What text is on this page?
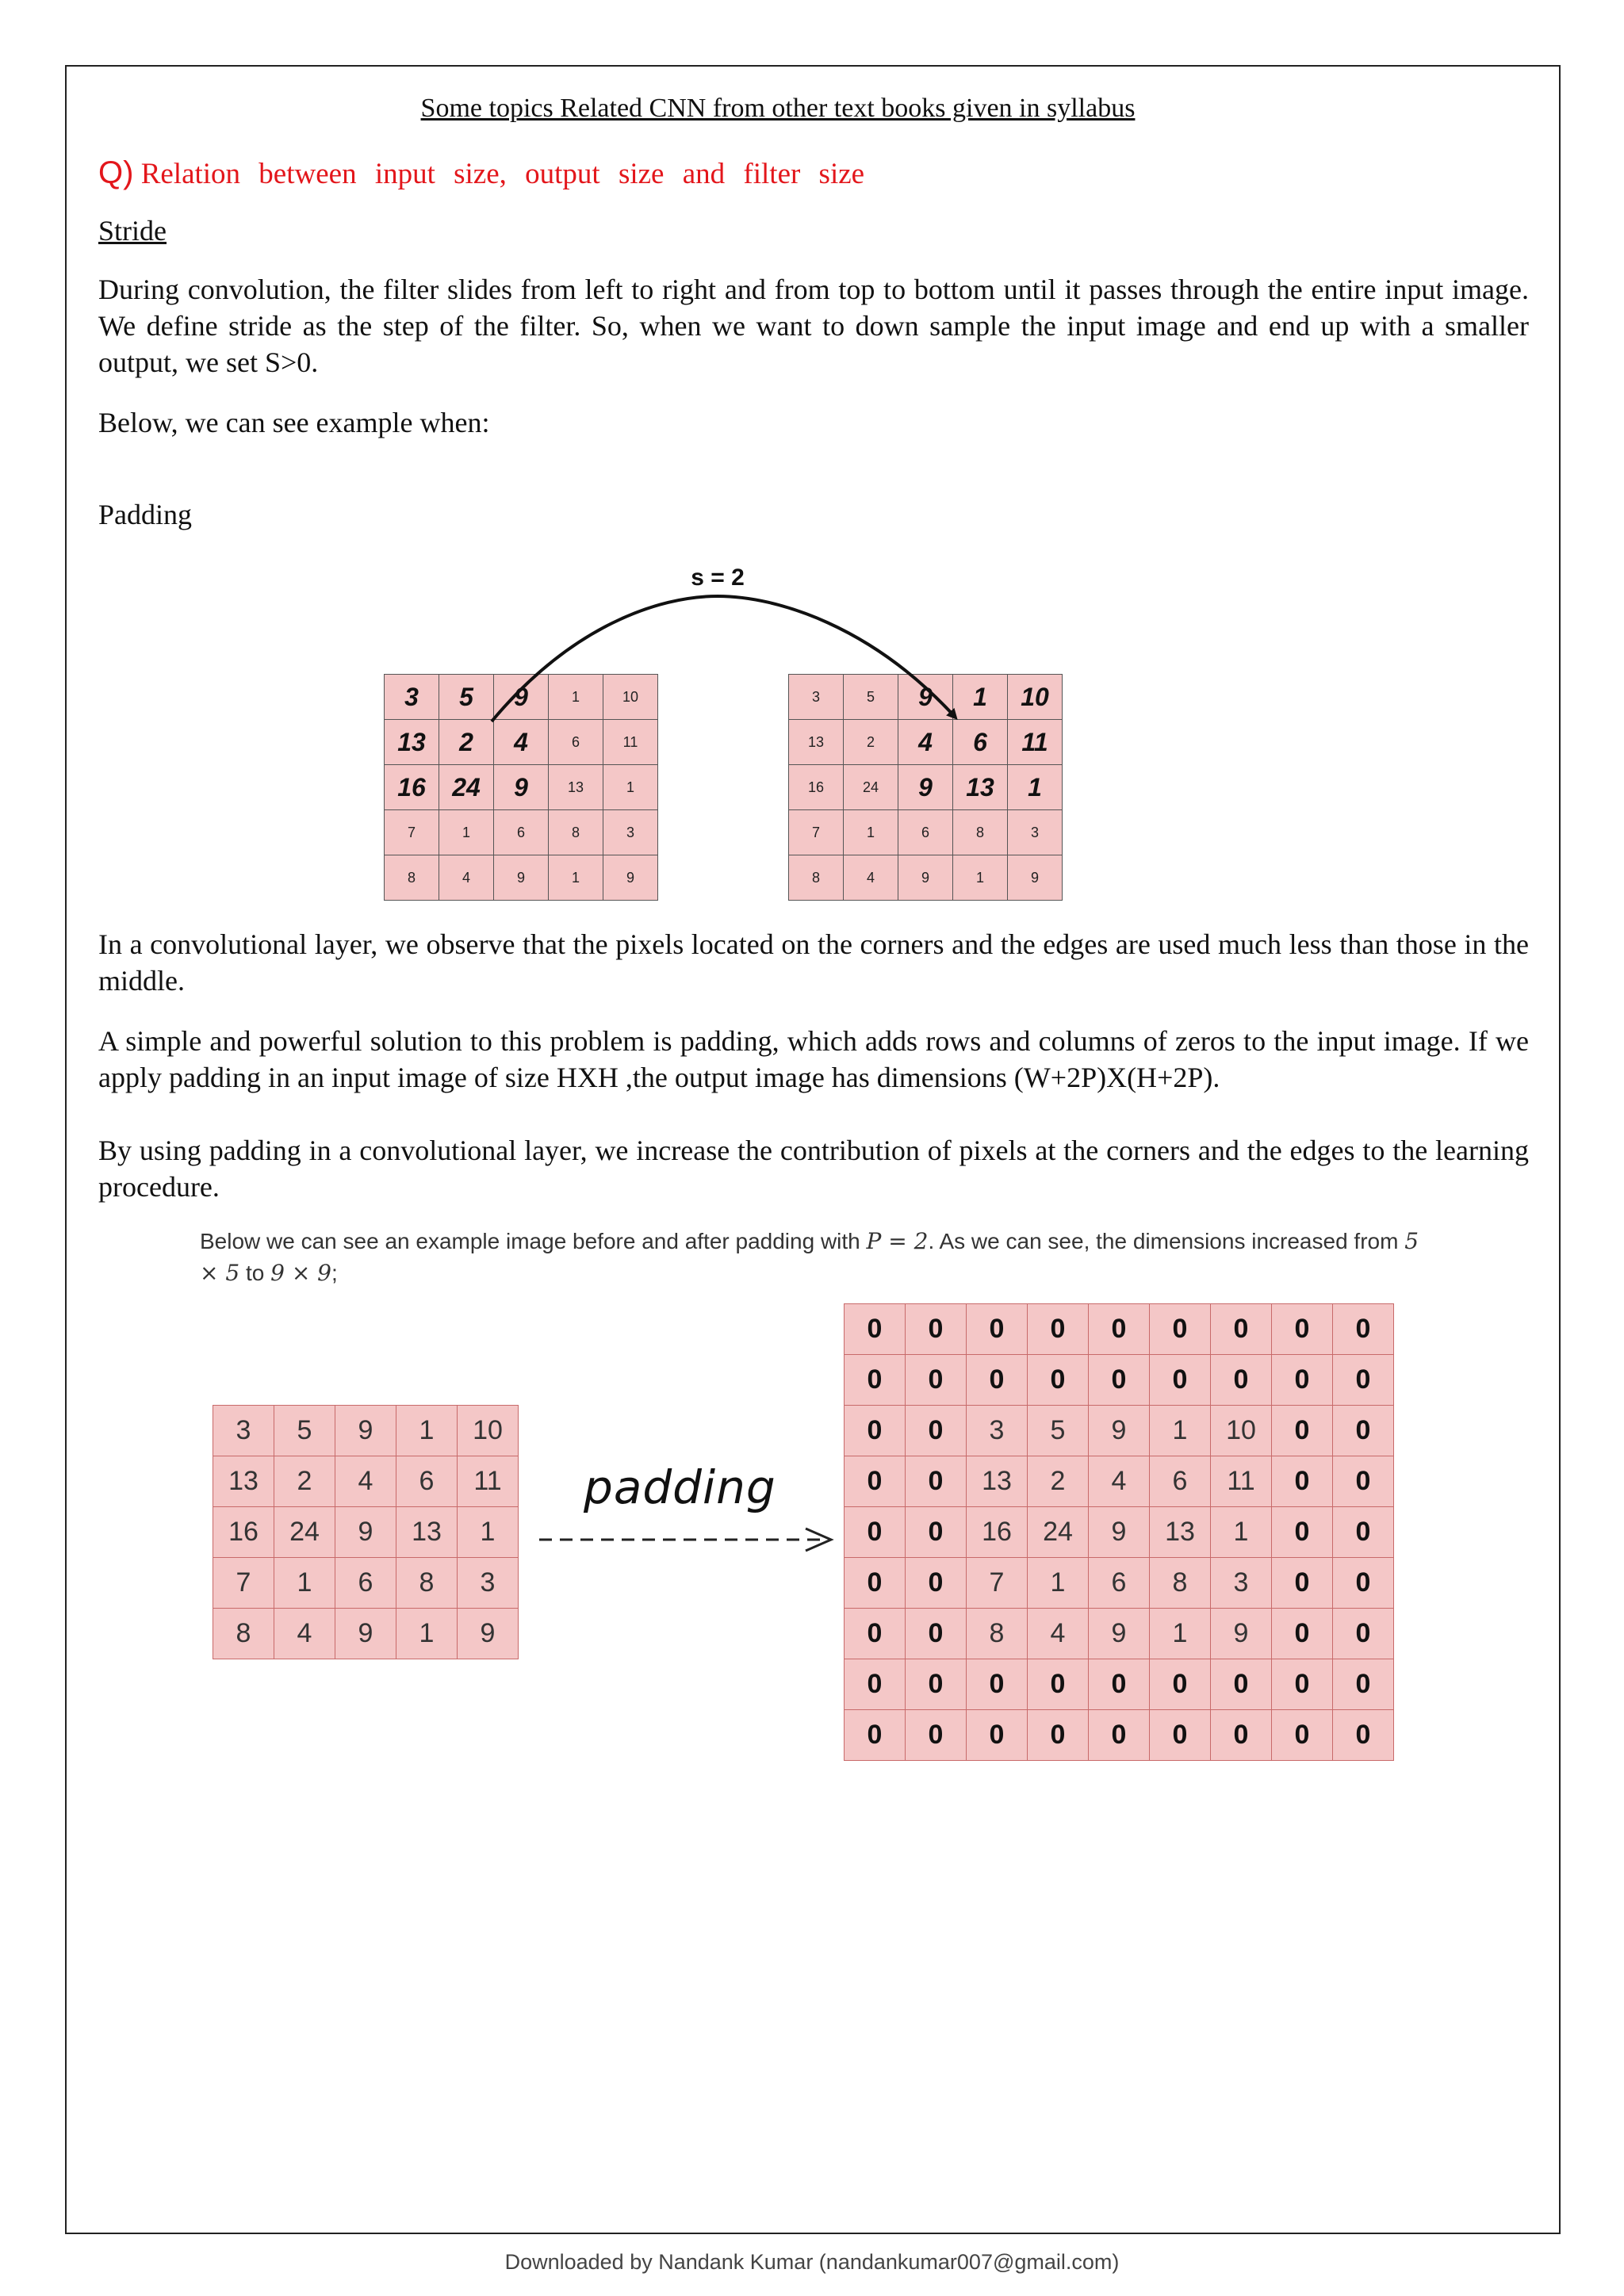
Some topics Related CNN from other text books given in syllabus
Q) Relation between input size, output size and filter size
Stride
During convolution, the filter slides from left to right and from top to bottom until it passes through the entire input image. We define stride as the step of the filter. So, when we want to down sample the input image and end up with a smaller output, we set S>0.
Below, we can see example when:
Padding
s = 2
3	5	9	1	10
13	2	4	6	11
16	24	9	13	1
7	1	6	8	3
8	4	9	1	9
3	5	9	1	10
13	2	4	6	11
16	24	9	13	1
7	1	6	8	3
8	4	9	1	9
In a convolutional layer, we observe that the pixels located on the corners and the edges are used much less than those in the middle.
A simple and powerful solution to this problem is padding, which adds rows and columns of zeros to the input image. If we apply padding in an input image of size HXH ,the output image has dimensions (W+2P)X(H+2P).
By using padding in a convolutional layer, we increase the contribution of pixels at the corners and the edges to the learning procedure.
Below we can see an example image before and after padding with P = 2. As we can see, the dimensions increased from 5 × 5 to 9 × 9;
3	5	9	1	10
13	2	4	6	11
16	24	9	13	1
7	1	6	8	3
8	4	9	1	9
padding
0	0	0	0	0	0	0	0	0
0	0	0	0	0	0	0	0	0
0	0	3	5	9	1	10	0	0
0	0	13	2	4	6	11	0	0
0	0	16	24	9	13	1	0	0
0	0	7	1	6	8	3	0	0
0	0	8	4	9	1	9	0	0
0	0	0	0	0	0	0	0	0
0	0	0	0	0	0	0	0	0
Downloaded by Nandank Kumar (nandankumar007@gmail.com)
